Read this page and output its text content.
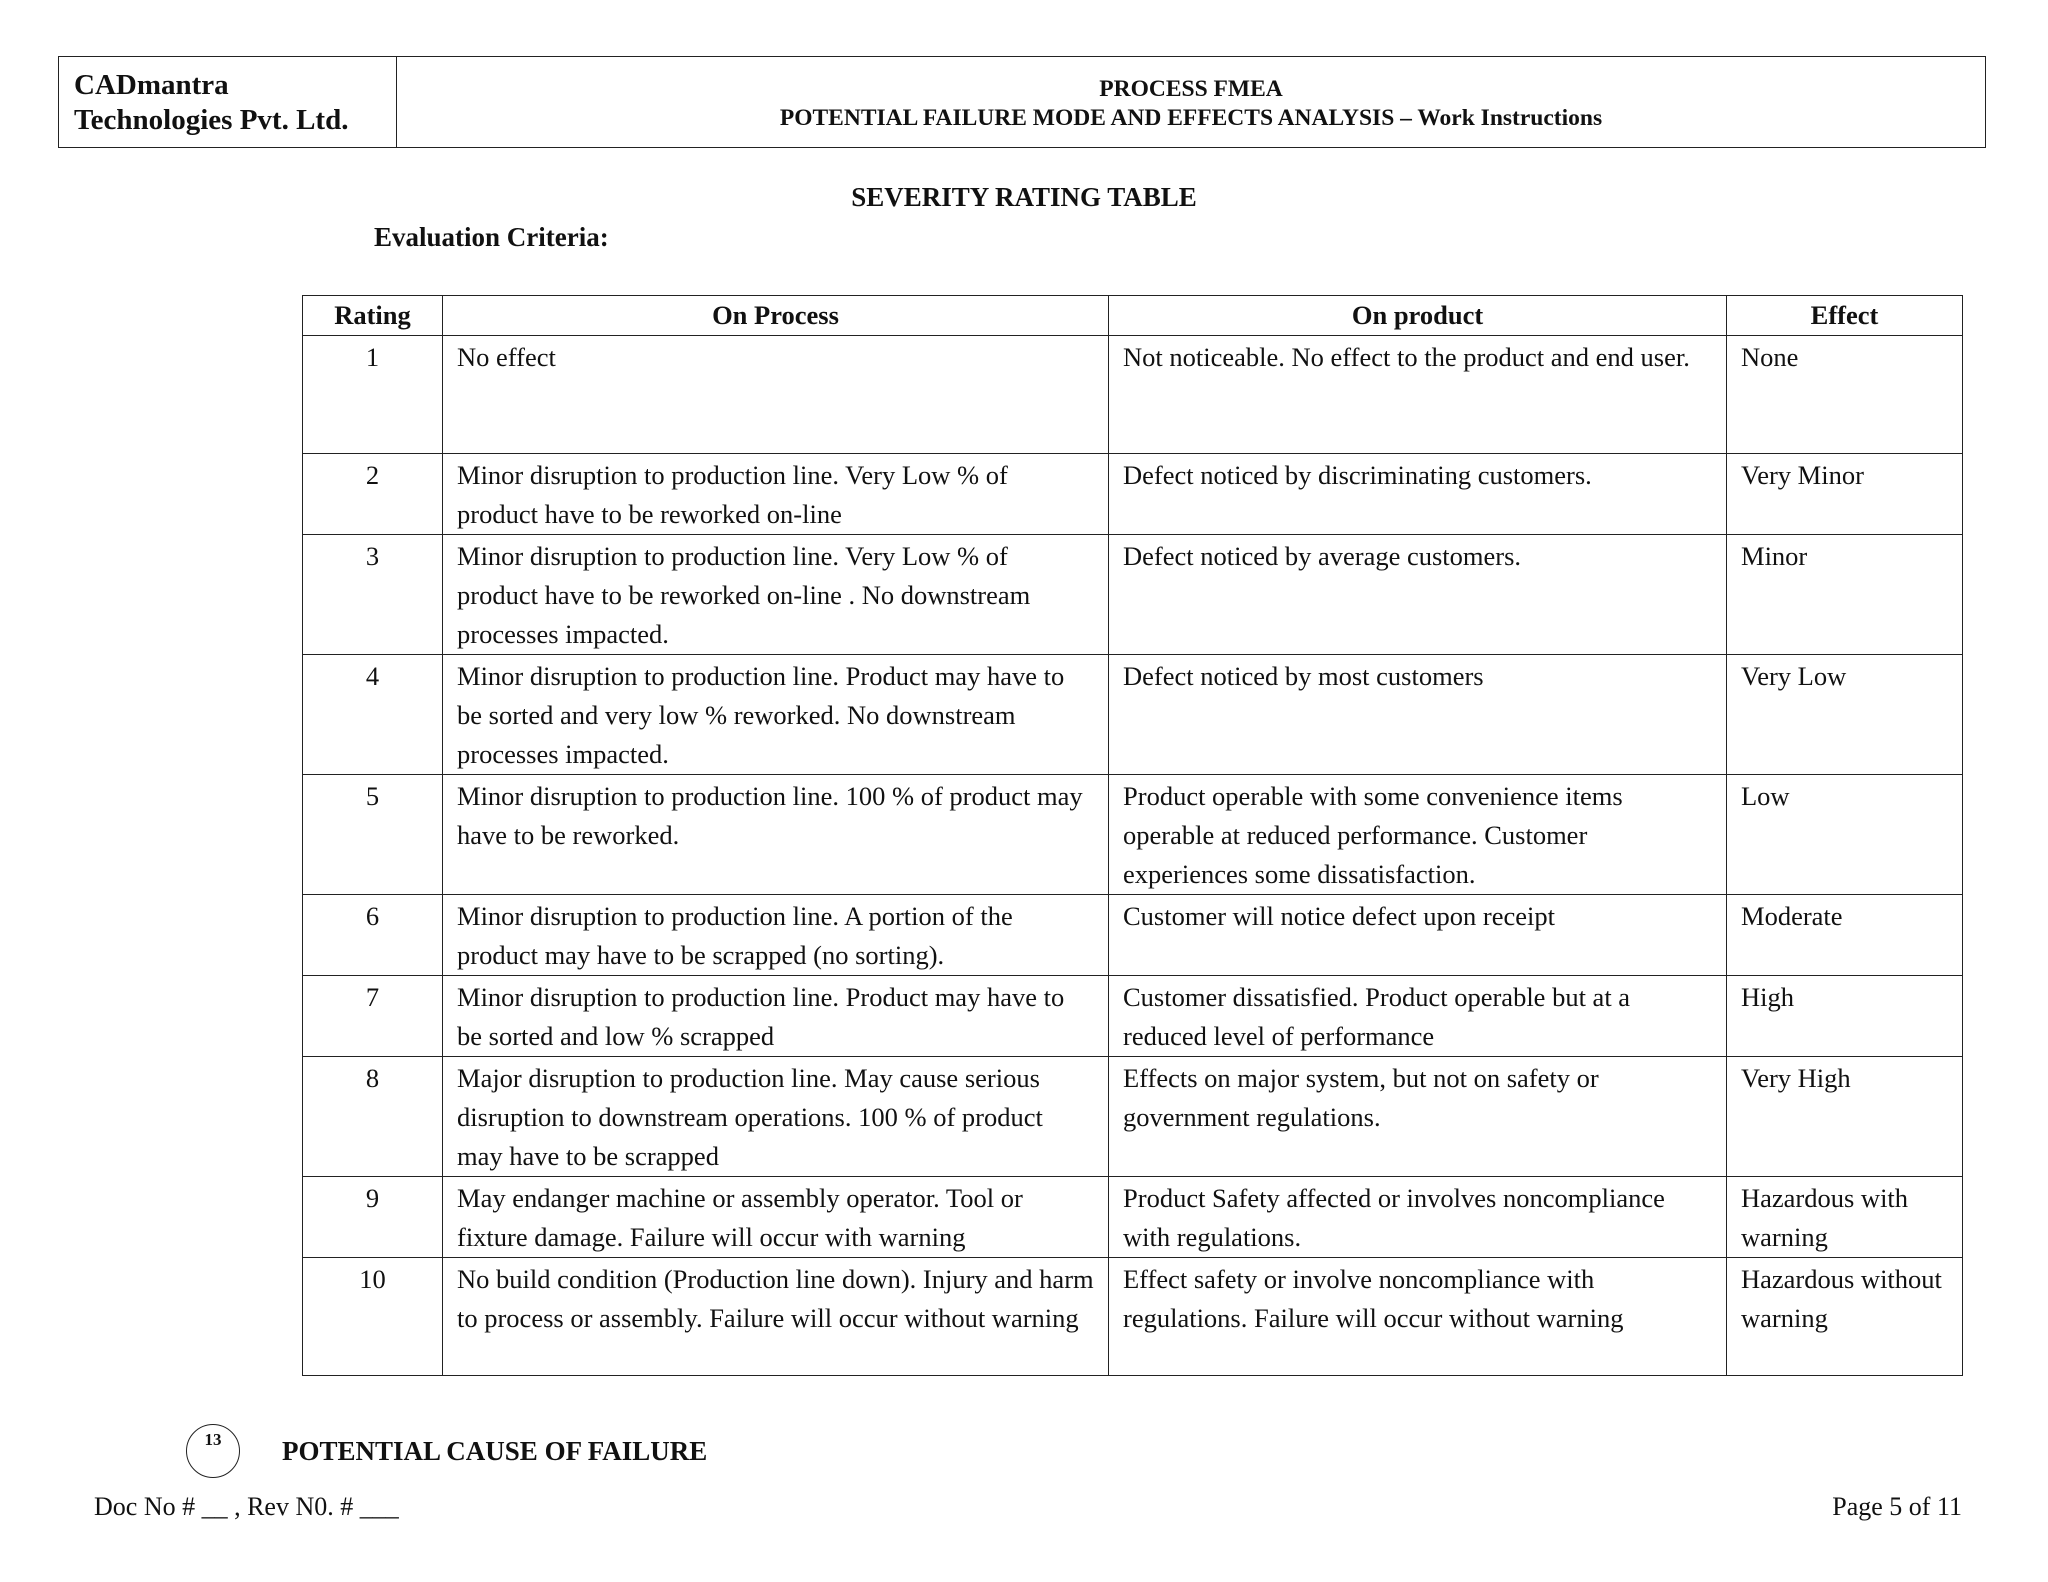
CADmantra
Technologies Pvt. Ltd.
PROCESS FMEA
POTENTIAL FAILURE MODE AND EFFECTS ANALYSIS – Work Instructions
SEVERITY RATING TABLE
Evaluation Criteria:
Rating	On Process	On product	Effect
1	No effect	Not noticeable. No effect to the product and end user.	None
2	Minor disruption to production line. Very Low % of product have to be reworked on-line	Defect noticed by discriminating customers.	Very Minor
3	Minor disruption to production line. Very Low % of product have to be reworked on-line . No downstream processes impacted.	Defect noticed by average customers.	Minor
4	Minor disruption to production line. Product may have to be sorted and very low % reworked. No downstream processes impacted.	Defect noticed by most customers	Very Low
5	Minor disruption to production line. 100 % of product may have to be reworked.	Product operable with some convenience items operable at reduced performance. Customer experiences some dissatisfaction.	Low
6	Minor disruption to production line. A portion of the product may have to be scrapped (no sorting).	Customer will notice defect upon receipt	Moderate
7	Minor disruption to production line. Product may have to be sorted and low % scrapped	Customer dissatisfied. Product operable but at a reduced level of performance	High
8	Major disruption to production line. May cause serious disruption to downstream operations. 100 % of product may have to be scrapped	Effects on major system, but not on safety or government regulations.	Very High
9	May endanger machine or assembly operator. Tool or fixture damage. Failure will occur with warning	Product Safety affected or involves noncompliance with regulations.	Hazardous with warning
10	No build condition (Production line down). Injury and harm to process or assembly. Failure will occur without warning	Effect safety or involve noncompliance with regulations. Failure will occur without warning	Hazardous without warning
13	POTENTIAL CAUSE OF FAILURE
Doc No # __ , Rev N0. # ___	Page 5 of 11
